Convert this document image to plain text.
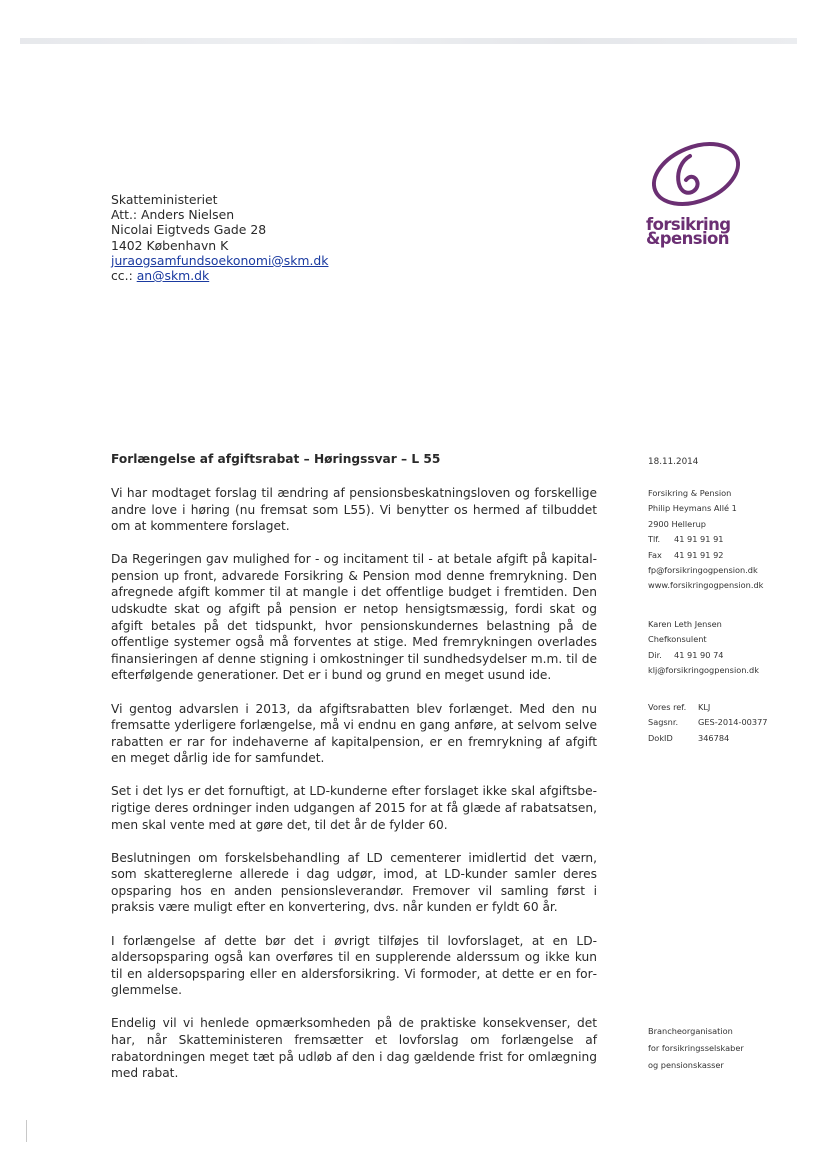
forsikring
&pension
Skatteministeriet
Att.: Anders Nielsen
Nicolai Eigtveds Gade 28
1402 København K
juraogsamfundsoekonomi@skm.dk
cc.: an@skm.dk
Forlængelse af afgiftsrabat – Høringssvar – L 55

Vi har modtaget forslag til ændring af pensionsbeskatningsloven og forskellige andre love i høring (nu fremsat som L55). Vi benytter os hermed af tilbuddet om at kommentere forslaget.

Da Regeringen gav mulighed for - og incitament til - at betale afgift på kapitalpension up front, advarede Forsikring & Pension mod denne fremrykning. Den afregnede afgift kommer til at mangle i det offentlige budget i fremtiden. Den udskudte skat og afgift på pension er netop hensigtsmæssig, fordi skat og afgift betales på det tidspunkt, hvor pensionskundernes belastning på de offentlige systemer også må forventes at stige. Med fremrykningen overlades finansieringen af denne stigning i omkostninger til sundhedsydelser m.m. til de efterfølgende generationer. Det er i bund og grund en meget usund ide.

Vi gentog advarslen i 2013, da afgiftsrabatten blev forlænget. Med den nu fremsatte yderligere forlængelse, må vi endnu en gang anføre, at selvom selve rabatten er rar for indehaverne af kapitalpension, er en fremrykning af afgift en meget dårlig ide for samfundet.

Set i det lys er det fornuftigt, at LD-kunderne efter forslaget ikke skal afgiftsberigtige deres ordninger inden udgangen af 2015 for at få glæde af rabatsatsen, men skal vente med at gøre det, til det år de fylder 60.

Beslutningen om forskelsbehandling af LD cementerer imidlertid det værn, som skattereglerne allerede i dag udgør, imod, at LD-kunder samler deres opsparing hos en anden pensionsleverandør. Fremover vil samling først i praksis være muligt efter en konvertering, dvs. når kunden er fyldt 60 år.

I forlængelse af dette bør det i øvrigt tilføjes til lovforslaget, at en LD-aldersopsparing også kan overføres til en supplerende alderssum og ikke kun til en aldersopsparing eller en aldersforsikring. Vi formoder, at dette er en forglemmelse.

Endelig vil vi henlede opmærksomheden på de praktiske konsekvenser, det har, når Skatteministeren fremsætter et lovforslag om forlængelse af rabatordningen meget tæt på udløb af den i dag gældende frist for omlægning med rabat.

18.11.2014
Forsikring & Pension
Philip Heymans Allé 1
2900 Hellerup
Tlf. 41 91 91 91
Fax 41 91 91 92
fp@forsikringogpension.dk
www.forsikringogpension.dk
Karen Leth Jensen
Chefkonsulent
Dir. 41 91 90 74
klj@forsikringogpension.dk
Vores ref. KLJ
Sagsnr. GES-2014-00377
DokID	346784
Brancheorganisation
for forsikringsselskaber
og pensionskasser
